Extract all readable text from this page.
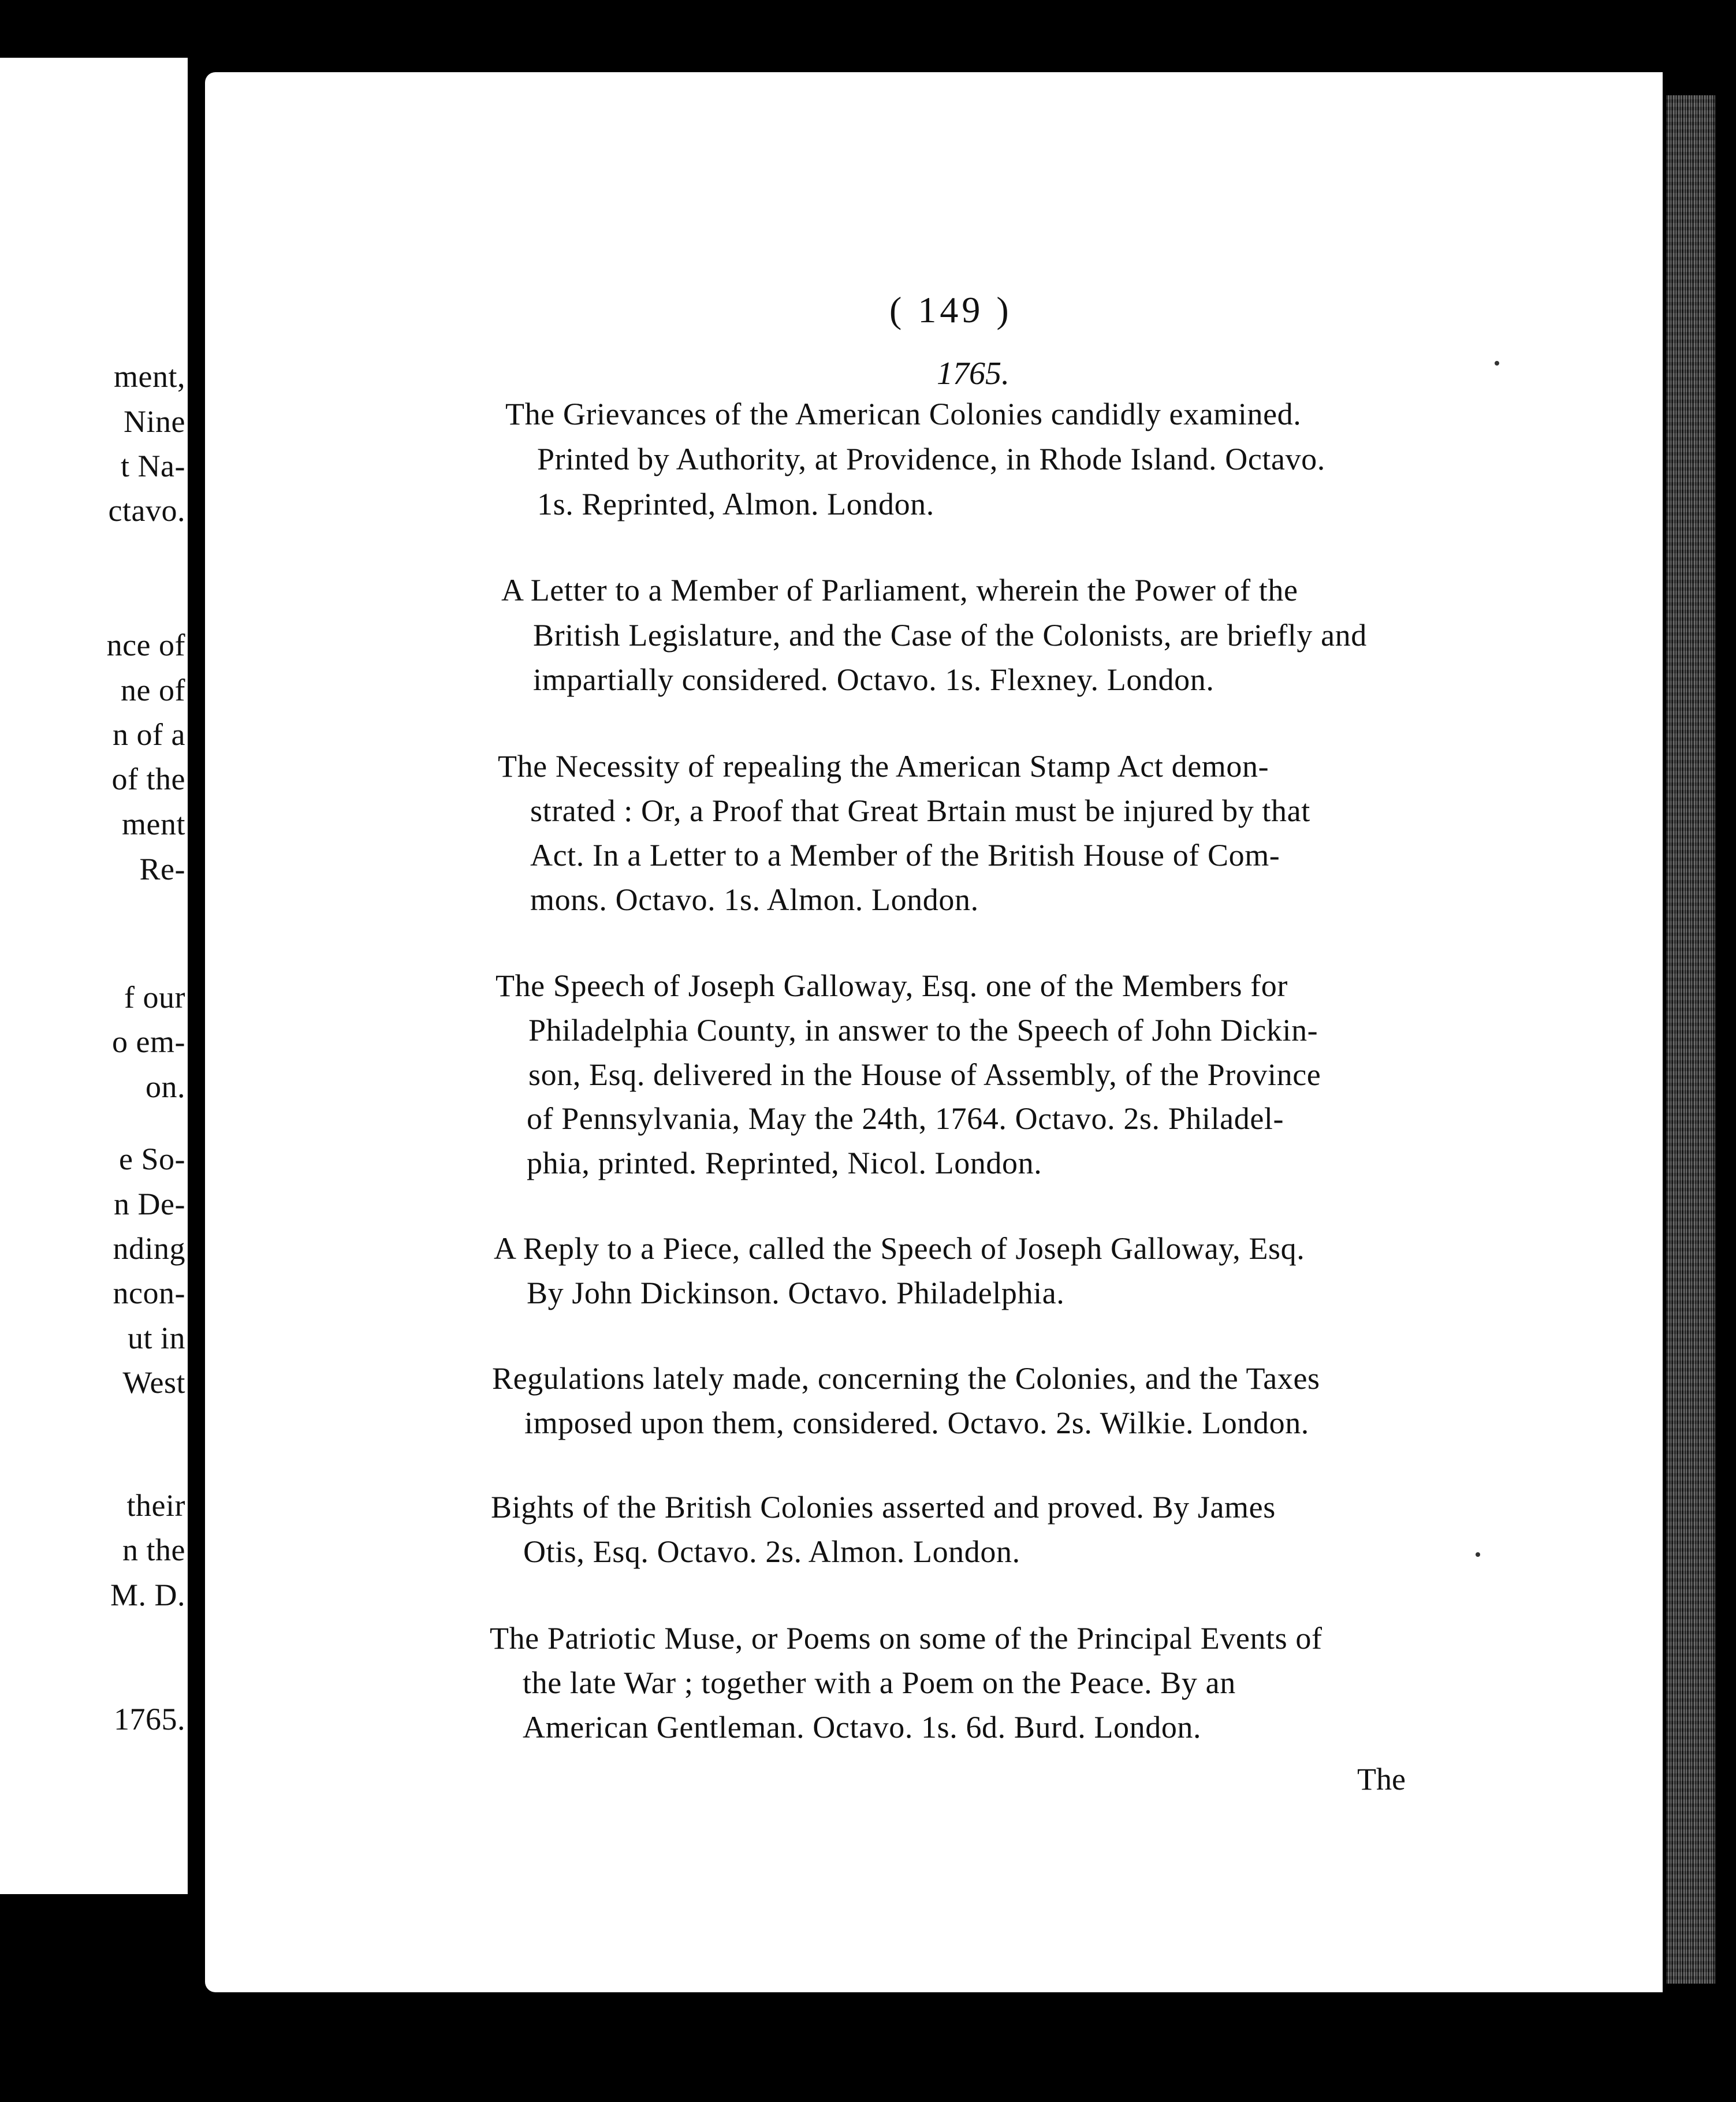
ment,
Nine
t Na-
ctavo.
nce of
ne of
n of a
of the
ment
Re-
f our
o em-
on.
e So-
n De-
nding
ncon-
ut in
West
their
n the
M. D.
1765.
( 149 )
1765.
The Grievances of the American Colonies candidly examined.
Printed by Authority, at Providence, in Rhode Island. Octavo.
1s. Reprinted, Almon. London.
A Letter to a Member of Parliament, wherein the Power of the
British Legislature, and the Case of the Colonists, are briefly and
impartially considered. Octavo. 1s. Flexney. London.
The Necessity of repealing the American Stamp Act demon-
strated : Or, a Proof that Great Brtain must be injured by that
Act. In a Letter to a Member of the British House of Com-
mons. Octavo. 1s. Almon. London.
The Speech of Joseph Galloway, Esq. one of the Members for
Philadelphia County, in answer to the Speech of John Dickin-
son, Esq. delivered in the House of Assembly, of the Province
of Pennsylvania, May the 24th, 1764. Octavo. 2s. Philadel-
phia, printed. Reprinted, Nicol. London.
A Reply to a Piece, called the Speech of Joseph Galloway, Esq.
By John Dickinson. Octavo. Philadelphia.
Regulations lately made, concerning the Colonies, and the Taxes
imposed upon them, considered. Octavo. 2s. Wilkie. London.
Bights of the British Colonies asserted and proved. By James
Otis, Esq. Octavo. 2s. Almon. London.
The Patriotic Muse, or Poems on some of the Principal Events of
the late War ; together with a Poem on the Peace. By an
American Gentleman. Octavo. 1s. 6d. Burd. London.
The
